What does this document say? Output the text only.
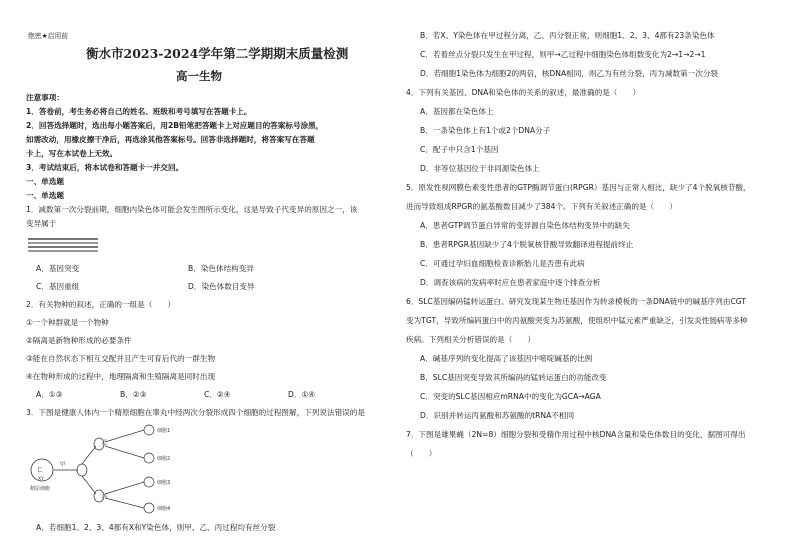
绝密★启用前
衡水市2023-2024学年第二学期期末质量检测
高一生物
注意事项：
1．答卷前，考生务必将自己的姓名、班级和考号填写在答题卡上。
2．回答选择题时，选出每小题答案后，用2B铅笔把答题卡上对应题目的答案标号涂黑，
如需改动，用橡皮擦干净后，再选涂其他答案标号。回答非选择题时，将答案写在答题
卡上，写在本试卷上无效。
3．考试结束后，将本试卷和答题卡一并交回。
一、单选题
一、单选题
1．减数第一次分裂前期，细胞内染色体可能会发生图所示变化，这是导致子代变异的原因之一，该
变异属于
A．基因突变	B．染色体结构变异
C．基因重组	D．染色体数目变异
2．有关物种的叙述，正确的一组是（　　）
①一个种群就是一个物种
②隔离是新物种形成的必要条件
③能在自然状态下相互交配并且产生可育后代的一群生物
④在物种形成的过程中，地理隔离和生殖隔离是同时出现
A．①③	B．②③	C．②④	D．①④
3．下图是健康人体内一个精原细胞在睾丸中经两次分裂形成四个细胞的过程图解，下列说法错误的是
ㄈ
XY
精原细胞
甲
乙
丙
细胞1
细胞2
细胞3
细胞4
A．若细胞1、2、3、4都有X和Y染色体，则甲、乙、丙过程均有丝分裂
B．若X、Y染色体在甲过程分离，乙、丙分裂正常，则细胞1、2、3、4都有23条染色体
C．若着丝点分裂只发生在甲过程，则甲→乙过程中细胞染色体组数变化为2→1→2→1
D．若细胞1染色体为细胞2的两倍，核DNA相同，则乙为有丝分裂，丙为减数第一次分裂
4．下列有关基因、DNA和染色体的关系的叙述，最准确的是（　　）
A．基因都在染色体上
B．一条染色体上有1个或2个DNA分子
C．配子中只含1个基因
D．非等位基因位于非同源染色体上
5．原发性视网膜色素变性患者的GTP酶调节蛋白(RPGR）基因与正常人相比，缺少了4个脱氧核苷酸，
进而导致组成RPGR的氨基酸数目减少了384个。下列有关叙述正确的是（　　）
A．患者GTP调节蛋白异常的变异源自染色体结构变异中的缺失
B．患者RPGR基因缺少了4个脱氧核苷酸导致翻译进程提前终止
C．可通过孕妇血细胞检查诊断胎儿是否患有此病
D．调查该病的发病率时应在患者家庭中逐个排查分析
6．SLC基因编码锰转运蛋白。研究发现某生物还基因作为转录模板的一条DNA链中的碱基序列由CGT
变为TGT，导致所编码蛋白中的丙氨酸突变为苏氨酸，使组织中锰元素严重缺乏，引发炎性肠病等多种
疾病。下列相关分析错误的是（　　）
A．碱基序列的变化提高了该基因中嘧啶碱基的比例
B．SLC基因突变导致其所编码的锰转运蛋白的功能改变
C．突变的SLC基因相应mRNA中的变化为GCA→AGA
D．识别并转运丙氨酸和苏氨酸的tRNA不相同
7．下图是雄果蝇（2N=8）细胞分裂和受精作用过程中核DNA含量和染色体数目的变化，据图可得出
（　　）
